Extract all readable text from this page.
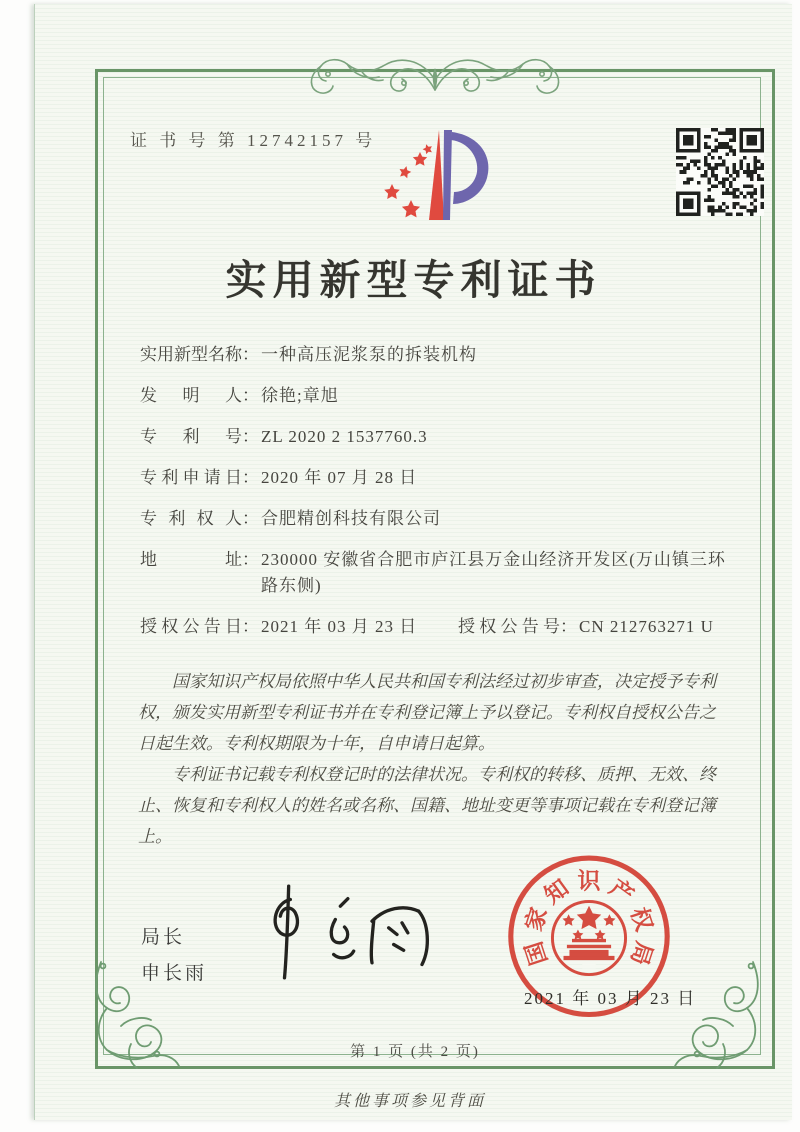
证 书 号 第 12742157 号
实用新型专利证书
实用新型名称： 一种高压泥浆泵的拆装机构
发明人： 徐艳;章旭
专利号： ZL 2020 2 1537760.3
专利申请日： 2020 年 07 月 28 日
专利权人： 合肥精创科技有限公司
地址： 230000 安徽省合肥市庐江县万金山经济开发区(万山镇三环路东侧)
授权公告日： 2021 年 03 月 23 日 授权公告号： CN 212763271 U

国家知识产权局依照中华人民共和国专利法经过初步审查，决定授予专利权，颁发实用新型专利证书并在专利登记簿上予以登记。专利权自授权公告之日起生效。专利权期限为十年，自申请日起算。

专利证书记载专利权登记时的法律状况。专利权的转移、质押、无效、终止、恢复和专利权人的姓名或名称、国籍、地址变更等事项记载在专利登记簿上。

局长
申长雨
国
家
知 识 产
权
局
2021 年 03 月 23 日
第 1 页 (共 2 页)
其他事项参见背面
